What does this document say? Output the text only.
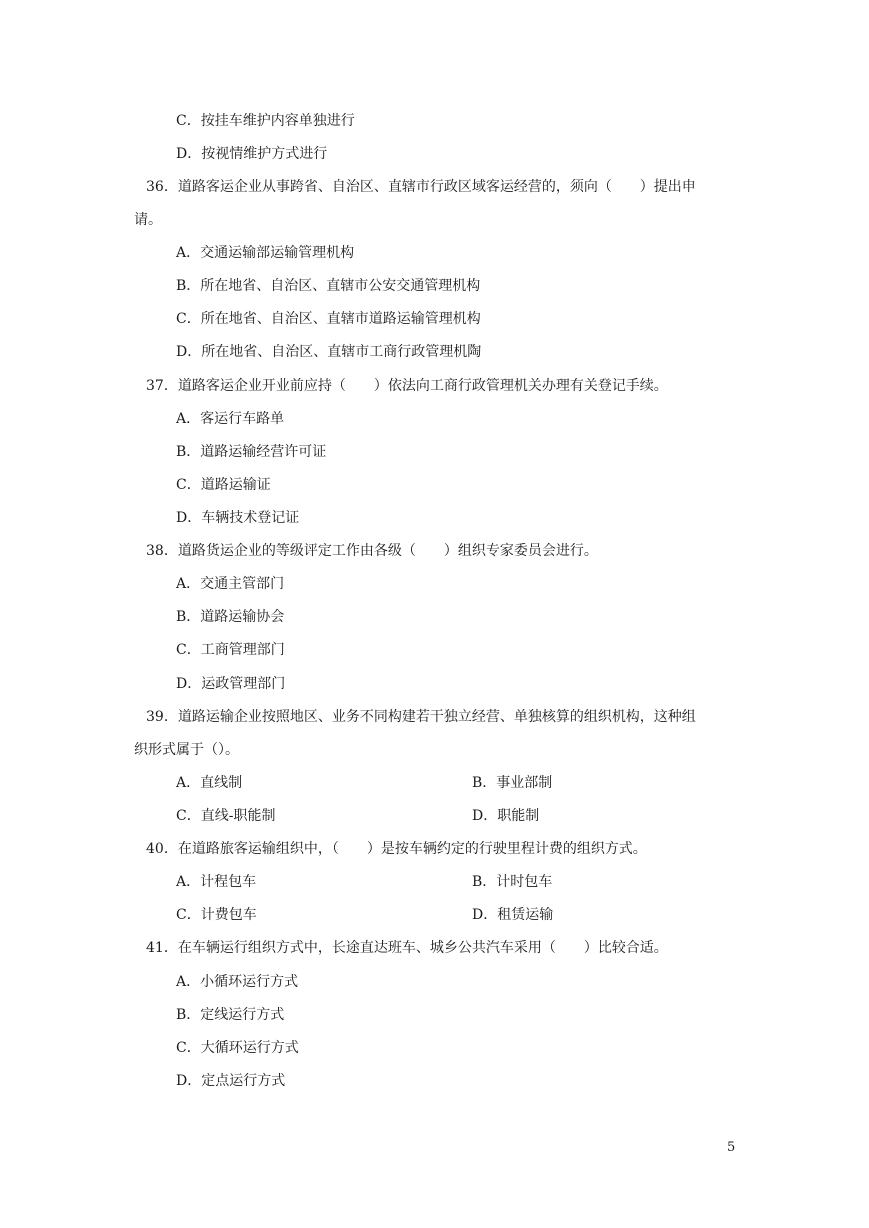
C．按挂车维护内容单独进行
D．按视情维护方式进行
36．道路客运企业从事跨省、自治区、直辖市行政区域客运经营的，须向（　　）提出申
请。
A．交通运输部运输管理机构
B．所在地省、自治区、直辖市公安交通管理机构
C．所在地省、自治区、直辖市道路运输管理机构
D．所在地省、自治区、直辖市工商行政管理机陶
37．道路客运企业开业前应持（　　）依法向工商行政管理机关办理有关登记手续。
A．客运行车路单
B．道路运输经营许可证
C．道路运输证
D．车辆技术登记证
38．道路货运企业的等级评定工作由各级（　　）组织专家委员会进行。
A．交通主管部门
B．道路运输协会
C．工商管理部门
D．运政管理部门
39．道路运输企业按照地区、业务不同构建若干独立经营、单独核算的组织机构，这种组
织形式属于（）。
A．直线制	B．事业部制
C．直线-职能制	D．职能制
40．在道路旅客运输组织中，（　　）是按车辆约定的行驶里程计费的组织方式。
A．计程包车	B．计时包车
C．计费包车	D．租赁运输
41．在车辆运行组织方式中，长途直达班车、城乡公共汽车采用（　　）比较合适。
A．小循环运行方式
B．定线运行方式
C．大循环运行方式
D．定点运行方式
5
